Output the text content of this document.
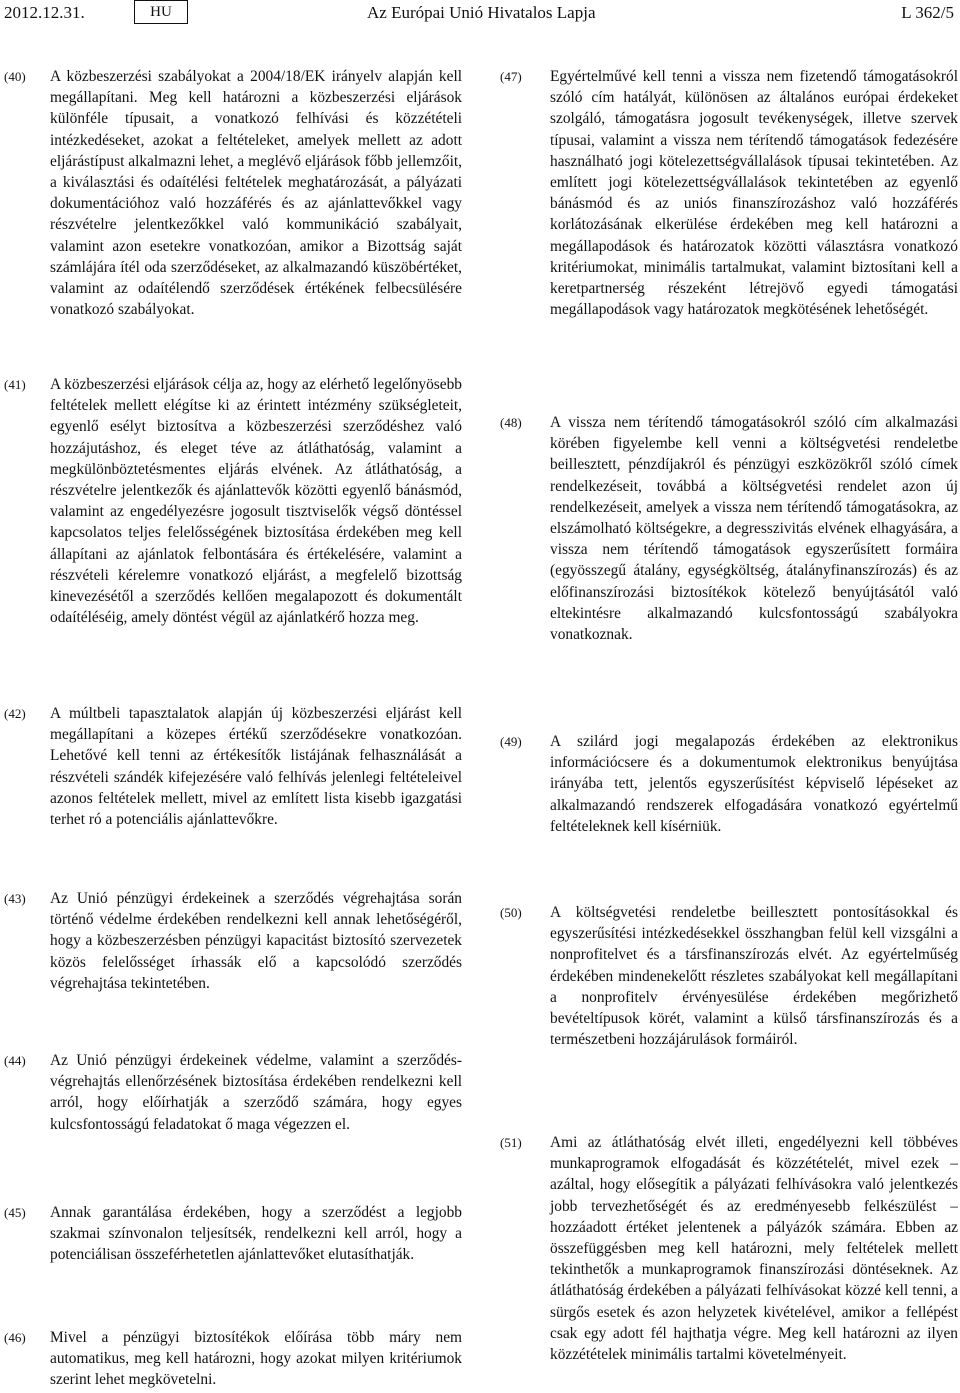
2012.12.31.	HU	Az Európai Unió Hivatalos Lapja	L 362/5
(40) A közbeszerzési szabályokat a 2004/18/EK irányelv alapján kell megállapítani. Meg kell határozni a közbeszerzési eljárások különféle típusait, a vonatkozó felhívási és közzétételi intézkedéseket, azokat a feltételeket, amelyek mellett az adott eljárástípust alkalmazni lehet, a meglévő eljárások főbb jellemzőit, a kiválasztási és odaítélési feltételek meghatározását, a pályázati dokumentációhoz való hozzáférés és az ajánlattevőkkel vagy részvételre jelentkezőkkel való kommunikáció szabályait, valamint azon esetekre vonatkozóan, amikor a Bizottság saját számlájára ítél oda szerződéseket, az alkalmazandó küszöbértéket, valamint az odaítélendő szerződések értékének felbecsülésére vonatkozó szabályokat.
(41) A közbeszerzési eljárások célja az, hogy az elérhető legelőnyösebb feltételek mellett elégítse ki az érintett intézmény szükségleteit, egyenlő esélyt biztosítva a közbeszerzési szerződéshez való hozzájutáshoz, és eleget téve az átláthatóság, valamint a megkülönböztetésmentes eljárás elvének. Az átláthatóság, a részvételre jelentkezők és ajánlattevők közötti egyenlő bánásmód, valamint az engedélyezésre jogosult tisztviselők végső döntéssel kapcsolatos teljes felelősségének biztosítása érdekében meg kell állapítani az ajánlatok felbontására és értékelésére, valamint a részvételi kérelemre vonatkozó eljárást, a megfelelő bizottság kinevezésétől a szerződés kellően megalapozott és dokumentált odaítéléséig, amely döntést végül az ajánlatkérő hozza meg.
(42) A múltbeli tapasztalatok alapján új közbeszerzési eljárást kell megállapítani a közepes értékű szerződésekre vonatkozóan. Lehetővé kell tenni az értékesítők listájának felhasználását a részvételi szándék kifejezésére való felhívás jelenlegi feltételeivel azonos feltételek mellett, mivel az említett lista kisebb igazgatási terhet ró a potenciális ajánlattevőkre.
(43) Az Unió pénzügyi érdekeinek a szerződés végrehajtása során történő védelme érdekében rendelkezni kell annak lehetőségéről, hogy a közbeszerzésben pénzügyi kapacitást biztosító szervezetek közös felelősséget írhassák elő a kapcsolódó szerződés végrehajtása tekintetében.
(44) Az Unió pénzügyi érdekeinek védelme, valamint a szerződés-végrehajtás ellenőrzésének biztosítása érdekében rendelkezni kell arról, hogy előírhatják a szerződő számára, hogy egyes kulcsfontosságú feladatokat ő maga végezzen el.
(45) Annak garantálása érdekében, hogy a szerződést a legjobb szakmai színvonalon teljesítsék, rendelkezni kell arról, hogy a potenciálisan összeférhetetlen ajánlattevőket elutasíthatják.
(46) Mivel a pénzügyi biztosítékok előírása több máry nem automatikus, meg kell határozni, hogy azokat milyen kritériumok szerint lehet megkövetelni.
(47) Egyértelművé kell tenni a vissza nem fizetendő támogatásokról szóló cím hatályát, különösen az általános európai érdekeket szolgáló, támogatásra jogosult tevékenységek, illetve szervek típusai, valamint a vissza nem térítendő támogatások fedezésére használható jogi kötelezettségvállalások típusai tekintetében. Az említett jogi kötelezettségvállalások tekintetében az egyenlő bánásmód és az uniós finanszírozáshoz való hozzáférés korlátozásának elkerülése érdekében meg kell határozni a megállapodások és határozatok közötti választásra vonatkozó kritériumokat, minimális tartalmukat, valamint biztosítani kell a keretpartnerség részeként létrejövő egyedi támogatási megállapodások vagy határozatok megkötésének lehetőségét.
(48) A vissza nem térítendő támogatásokról szóló cím alkalmazási körében figyelembe kell venni a költségvetési rendeletbe beillesztett, pénzdíjakról és pénzügyi eszközökről szóló címek rendelkezéseit, továbbá a költségvetési rendelet azon új rendelkezéseit, amelyek a vissza nem térítendő támogatásokra, az elszámolható költségekre, a degresszivitás elvének elhagyására, a vissza nem térítendő támogatások egyszerűsített formáira (egyösszegű átalány, egységköltség, átalányfinanszírozás) és az előfinanszírozási biztosítékok kötelező benyújtásától való eltekintésre alkalmazandó kulcsfontosságú szabályokra vonatkoznak.
(49) A szilárd jogi megalapozás érdekében az elektronikus információcsere és a dokumentumok elektronikus benyújtása irányába tett, jelentős egyszerűsítést képviselő lépéseket az alkalmazandó rendszerek elfogadására vonatkozó egyértelmű feltételeknek kell kísérniük.
(50) A költségvetési rendeletbe beillesztett pontosításokkal és egyszerűsítési intézkedésekkel összhangban felül kell vizsgálni a nonprofitelvet és a társfinanszírozás elvét. Az egyértelműség érdekében mindenekelőtt részletes szabályokat kell megállapítani a nonprofitelv érvényesülése érdekében megőrizhető bevételtípusok körét, valamint a külső társfinanszírozás és a természetbeni hozzájárulások formáiról.
(51) Ami az átláthatóság elvét illeti, engedélyezni kell többéves munkaprogramok elfogadását és közzétételét, mivel ezek – azáltal, hogy elősegítik a pályázati felhívásokra való jelentkezés jobb tervezhetőségét és az eredményesebb felkészülést – hozzáadott értéket jelentenek a pályázók számára. Ebben az összefüggésben meg kell határozni, mely feltételek mellett tekinthetők a munkaprogramok finanszírozási döntéseknek. Az átláthatóság érdekében a pályázati felhívásokat közzé kell tenni, a sürgős esetek és azon helyzetek kivételével, amikor a fellépést csak egy adott fél hajthatja végre. Meg kell határozni az ilyen közzétételek minimális tartalmi követelményeit.
